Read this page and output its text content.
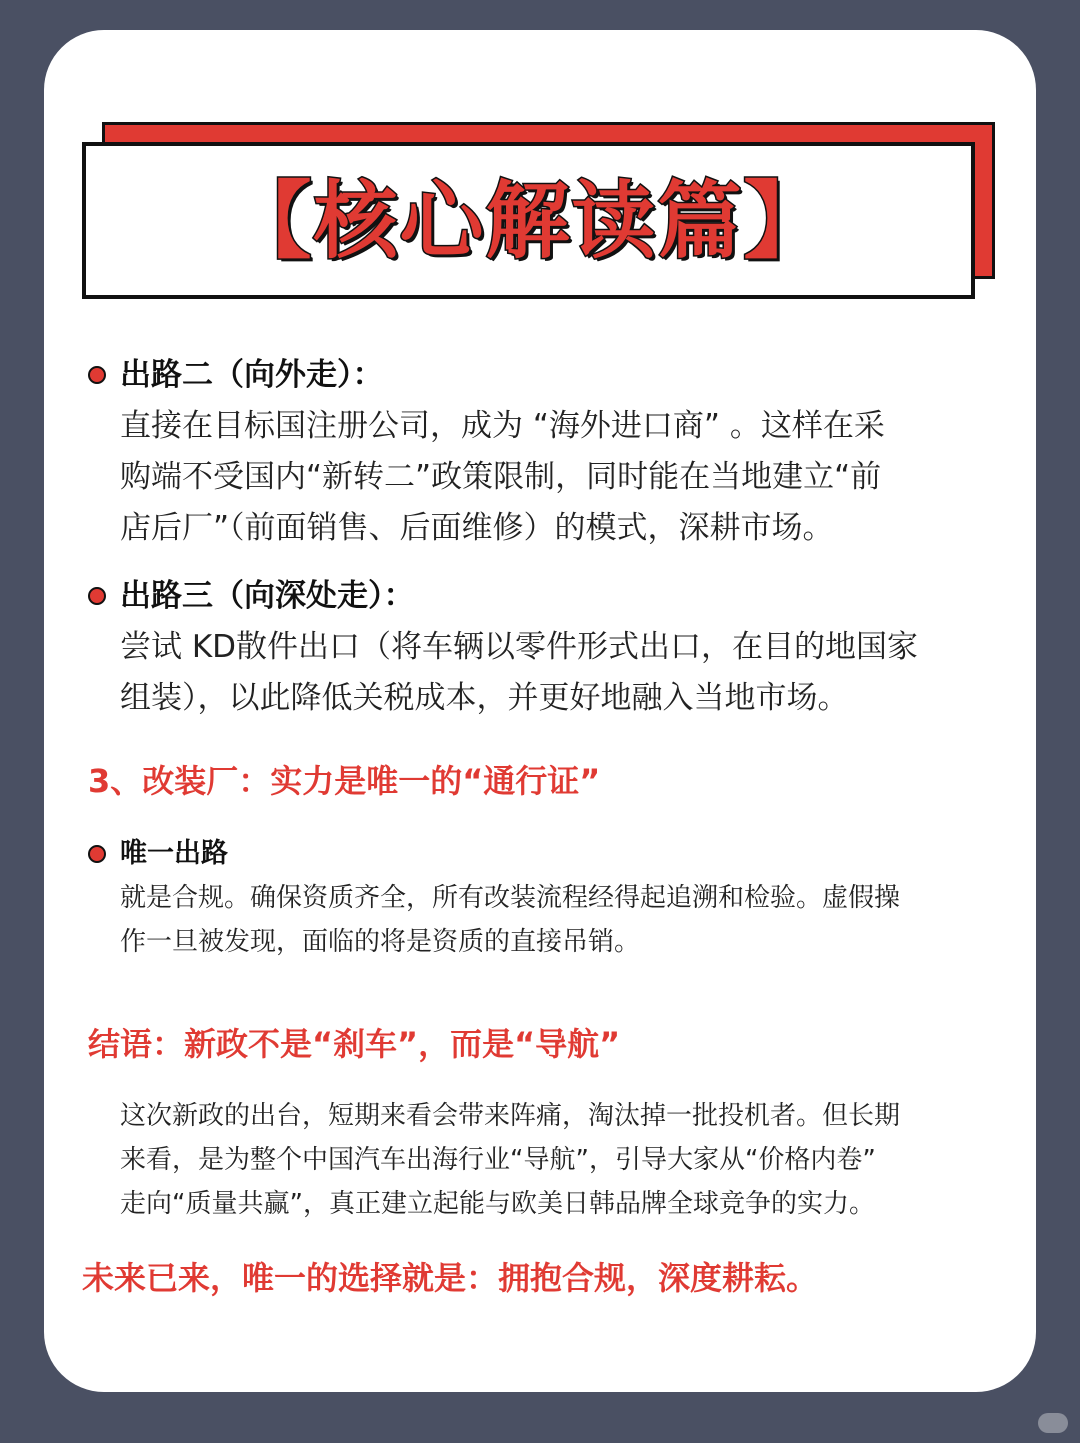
【核心解读篇】
出路二（向外走）：
直接在目标国注册公司，成为 “海外进口商” 。这样在采
购端不受国内“新转二”政策限制，同时能在当地建立“前
店后厂”（前面销售、后面维修）的模式，深耕市场。
出路三（向深处走）：
尝试 KD散件出口（将车辆以零件形式出口，在目的地国家
组装），以此降低关税成本，并更好地融入当地市场。
3、改装厂：实力是唯一的“通行证”
唯一出路
就是合规。确保资质齐全，所有改装流程经得起追溯和检验。虚假操
作一旦被发现，面临的将是资质的直接吊销。
结语：新政不是“刹车”，而是“导航”
这次新政的出台，短期来看会带来阵痛，淘汰掉一批投机者。但长期
来看，是为整个中国汽车出海行业“导航”，引导大家从“价格内卷”
走向“质量共赢”，真正建立起能与欧美日韩品牌全球竞争的实力。
未来已来，唯一的选择就是：拥抱合规，深度耕耘。
